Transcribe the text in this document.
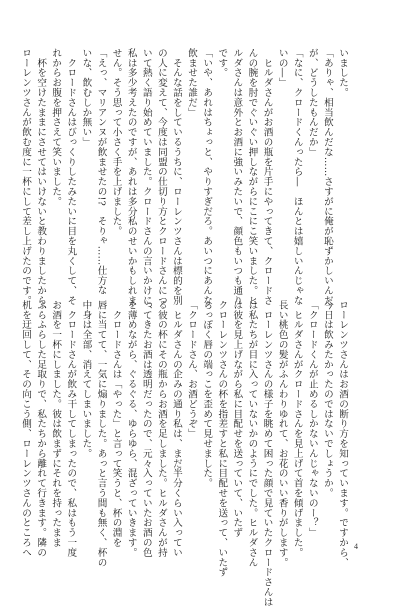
いました。
「ありゃ、相当飲んだな……さすがに俺が恥ずかしいんだ
が、どうしたもんだか」
「なに、クロードくんったら―　ほんとは嬉しいんじゃな
いの―」
　ヒルダさんがお酒の瓶を片手にやってきて、クロードさ
んの腕を肘でぐいぐい押しながらにこにこ笑いました。ヒ
ルダさんは意外とお酒に強いみたいで、顔色もいつも通り
です。
「いや、あれはちょっと、やりすぎだろ。あいつにあんな
飲ませた誰だ」
　そんな話をしているうちに、ローレンツさんは標的を別
の人に変えて、今度は同盟の仕切り方とクロードさんにつ
いて熱く語り始めていました。クロードさんの言いかけに、
私は多少考えたのですが、あれは多分私のせいかもしれま
せん。そう思って小さく手を上げました。
「えっ、マリアンヌが飲ませたの!?　そりゃ……仕方な
いな、飲むしか無い」
　クロードさんはびっくりしたみたいに目を丸くして、そ
れからお腹を押さえて笑いました。
　杯を空けたままにさせてはいけないと教わりましたから、
ローレンツさんが飲む度に一杯にして差し上げたのです。
ローレンツさんはお酒の断り方を知っています。ですから、
今日は飲みたかったのではないでしょうか。
「クロードくんが止めるしかないんじゃないのー？」
　ヒルダさんがクロードさんを見上げて首を傾げました。
長い桃色の髪がふんわりゆれて、お花のいい香りがします。
　ローレンツさんの様子を眺めて困った顔で見ていたクロードさんは
は私たちが目に入っていないかのようにでした。ヒルダさん
は彼を見上げながら私に目配せを送っていて、いたず
クローレンツさんの杯を指差すと私に目配せを送って、いたず
らっぽく唇の端っこを歪めて見せました。
「クロードさん、お酒どうぞ」
　ヒルダさんの企みの通り私は、まだ半分くらい入ってい
る彼の杯にその瓶からお酒を足しました。ヒルダさんが持
ってきたお酒は透明だったので、元々入っていたお酒の色
を薄めながら、ぐるぐる、ゆらゆら、混ざっていきます。
　クロードさんは「やった」と言って笑うと、杯の淵を
唇に当てて、一気に煽りました。あっと言う間も無く、杯の
中身は全部、消えてしまいました。
　クロードさんが飲み干してしまったので、私はもう一度
お酒を一杯にしました。彼は飲まずにそれを持ったまま
ふらふらした足取りで、私たちから離れて行きます。隣の
机を迂回して、その向こう側、ローレンツさんのところへ	4
